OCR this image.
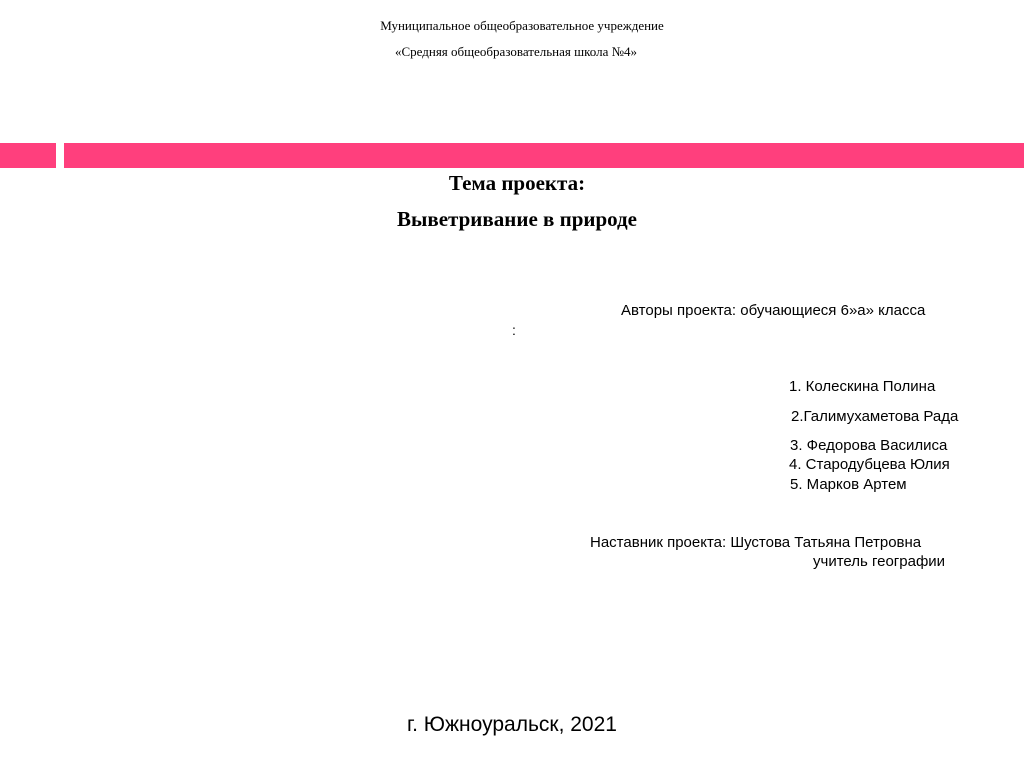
Муниципальное общеобразовательное учреждение
«Средняя общеобразовательная школа №4»
Тема проекта:
Выветривание в природе
Авторы проекта: обучающиеся 6»а» класса
:
1. Колескина Полина
2.Галимухаметова Рада
3. Федорова Василиса
4. Стародубцева Юлия
5. Марков Артем
Наставник проекта: Шустова Татьяна Петровна
учитель географии
г. Южноуральск, 2021
